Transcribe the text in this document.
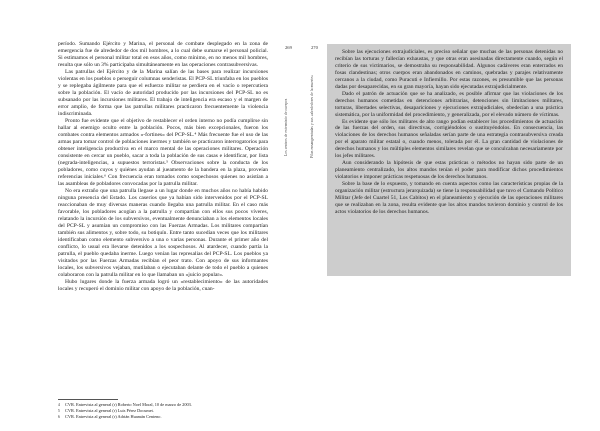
período. Sumando Ejército y Marina, el personal de combate desplegado en la zona de emergencia fue de alrededor de dos mil hombres, a lo cual debe sumarse el personal policial. Si estimamos el personal militar total en esos años, como mínimo, en no menos mil hombres, resulta que sólo un 3% participaba simultáneamente en las operaciones contrasubversivas.

Las patrullas del Ejército y de la Marina salían de las bases para realizar incursiones violentas en los pueblos o perseguir columnas senderistas. El PCP-SL triunfaba en los pueblos y se replegaba ágilmente para que el esfuerzo militar se perdiera en el vacío o repercutiera sobre la población. El vacío de autoridad producido por las incursiones del PCP-SL no es subsanado por las incursiones militares. El trabajo de inteligencia era escaso y el margen de error amplio, de forma que las patrullas militares practicaron frecuentemente la violencia indiscriminada.

Pronto fue evidente que el objetivo de restablecer el orden interno no podía cumplirse sin hallar al enemigo oculto entre la población. Pocos, más bien excepcionales, fueron los combates contra elementos armados «-fortines» del PCP-SL.⁴ Más frecuente fue el uso de las armas para tomar control de poblaciones inermes y también se practicaron interrogatorios para obtener inteligencia productiva en el marco mental de las operaciones militares. Operación consistente en cercar un pueblo, sacar a toda la población de sus casas e identificar, por lista (negrada-inteligencias, a supuestos terroristas.⁵ Observaciones sobre la conducta de los pobladores, como cuyos y quiénes ayudan al jueamento de la bandera en la plaza, proveían referencias iniciales.⁶ Con frecuencia eran tomados como sospechosos quienes no asistían a las asambleas de pobladores convocadas por la patrulla militar.

No era extraño que una patrulla llegase a un lugar donde en muchos años no había habido ninguna presencia del Estado. Los caseríos que ya habían sido intervenidos por el PCP-SL reaccionaban de muy diversas maneras cuando llegaba una patrulla militar. En el caso más favorable, los pobladores acogían a la patrulla y compartían con ellos sus pocos víveres, relatando la incursión de los subversivos, eventualmente denunciaban a los elementos locales del PCP-SL y asumían un compromiso con las Fuerzas Armadas. Los militares compartían también sus alimentos y, sobre todo, su botiquín. Entre tanto sucedían veces que los militares identificaban como elemento subversivo a una o varias personas. Durante el primer año del conflicto, lo usual era llevarse detenidos a los sospechosos. Al atardecer, cuando partía la patrulla, el pueblo quedaba inerme. Luego venían las represalias del PCP-SL. Los pueblos ya visitados por las Fuerzas Armadas recibían el peor trato. Con apoyo de sus informantes locales, los subversivos vejaban, mutilaban o ejecutaban delante de todo el pueblo a quienes colaboraron con la patrulla militar en lo que llamaban un «juicio popular».

Hubo lugares donde la fuerza armada logró un «restablecimiento» de las autoridades locales y recuperó el dominio militar con apoyo de la población, cuan-

4 CVR. Entrevista al general (r) Roberto Noel Moral, 10 de marzo de 2003.

5 CVR. Entrevista al general (r) Luis Pérez Documet.

6 CVR. Entrevista al general (r) Adrián Huamán Centeno.

269
Los centros de exterminio de cuerpos
270
Pilas ensangrentadas y sus «alrededores de la muerte»

Sobre las ejecuciones extrajudiciales, es preciso señalar que muchas de las personas detenidas no recibían las torturas y fallecían exhaustas, y que otras eran asesinadas directamente cuando, según el criterio de sus victimarios, se demostraba su responsabilidad. Algunos cadáveres eran enterrados en fosas clandestinas; otros cuerpos eran abandonados en caminos, quebradas y parajes relativamente cercanos a la ciudad, como Puracuti e Infiernillo. Por estas razones, es presumible que las personas dadas por desaparecidas, en su gran mayoría, hayan sido ejecutadas extrajudicialmente.

Dado el patrón de actuación que se ha analizado, es posible afirmar que las violaciones de los derechos humanos cometidas en detenciones arbitrarias, detenciones sin limitaciones militares, torturas, libertades selectivas, desapariciones y ejecuciones extrajudiciales, obedecían a una práctica sistemática, por la uniformidad del procedimiento, y generalizada, por el elevado número de víctimas.

Es evidente que sólo los militares de alto rango podían establecer los procedimientos de actuación de las fuerzas del orden, sus directivas, corrigiéndolos o sustituyéndolos. En consecuencia, las violaciones de los derechos humanos señaladas serían parte de una estrategia contrasubversiva creada por el aparato militar estatal o, cuando menos, tolerada por él. La gran cantidad de violaciones de derechos humanos y los múltiples elementos similares revelan que se conculcaban necesariamente por los jefes militares.

Aun considerando la hipótesis de que estas prácticas o métodos no hayan sido parte de un planeamiento centralizado, los altos mandos tenían el poder para modificar dichos procedimientos violatorios e imponer prácticas respetuosas de los derechos humanos.

Sobre la base de lo expuesto, y tomando en cuenta aspectos como las características propias de la organización militar (estructura jerarquizada) se tiene la responsabilidad que tuvo el Comando Político Militar (Jefe del Cuartel 51, Los Cabitos) en el planeamiento y ejecución de las operaciones militares que se realizaban en la zona, resulta evidente que los altos mandos tuvieron dominio y control de los actos violatorios de los derechos humanos.
